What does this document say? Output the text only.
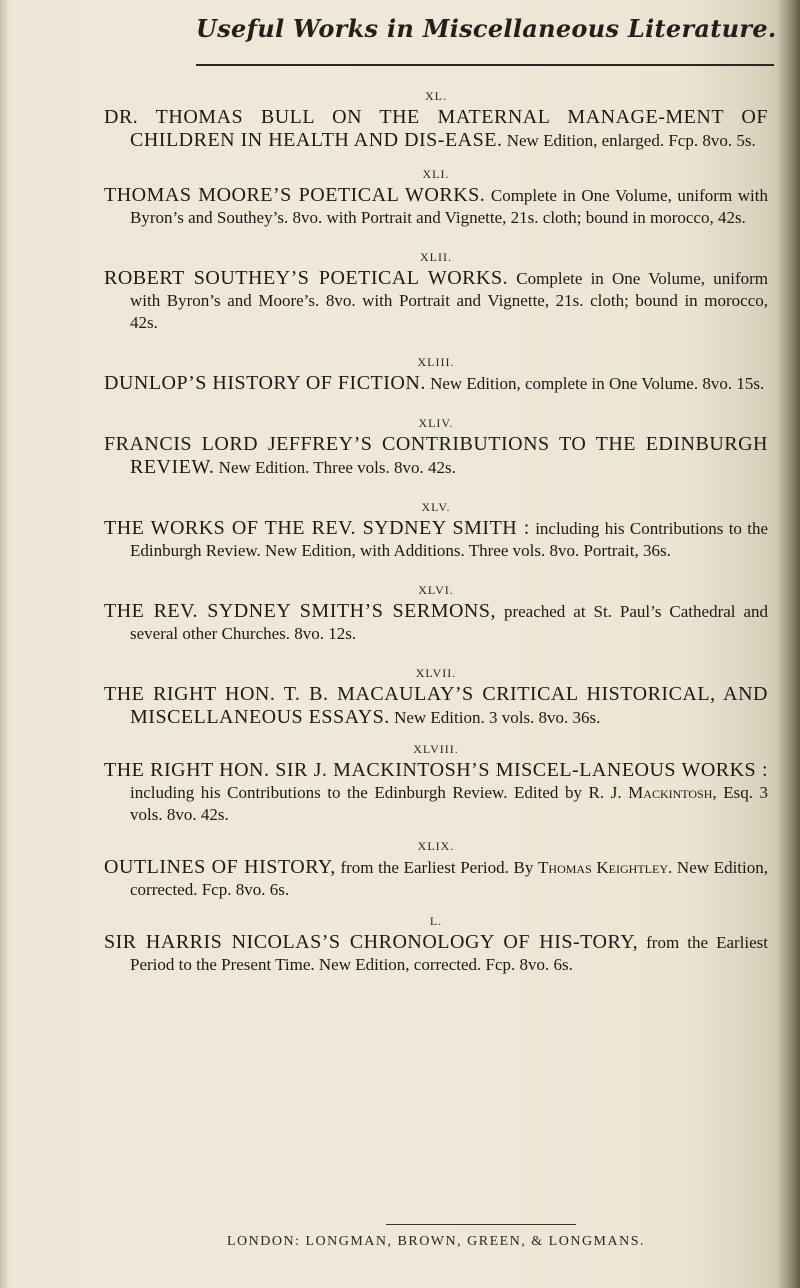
Useful Works in Miscellaneous Literature.
XL.

DR. THOMAS BULL ON THE MATERNAL MANAGE-MENT OF CHILDREN IN HEALTH AND DIS-EASE. New Edition, enlarged. Fcp. 8vo. 5s.

XLI.

THOMAS MOORE’S POETICAL WORKS. Complete in One Volume, uniform with Byron’s and Southey’s. 8vo. with Portrait and Vignette, 21s. cloth; bound in morocco, 42s.

XLII.

ROBERT SOUTHEY’S POETICAL WORKS. Complete in One Volume, uniform with Byron’s and Moore’s. 8vo. with Portrait and Vignette, 21s. cloth; bound in morocco, 42s.

XLIII.

DUNLOP’S HISTORY OF FICTION. New Edition, complete in One Volume. 8vo. 15s.

XLIV.

FRANCIS LORD JEFFREY’S CONTRIBUTIONS TO THE EDINBURGH REVIEW. New Edition. Three vols. 8vo. 42s.

XLV.

THE WORKS OF THE REV. SYDNEY SMITH : including his Contributions to the Edinburgh Review. New Edition, with Additions. Three vols. 8vo. Portrait, 36s.

XLVI.

THE REV. SYDNEY SMITH’S SERMONS, preached at St. Paul’s Cathedral and several other Churches. 8vo. 12s.

XLVII.

THE RIGHT HON. T. B. MACAULAY’S CRITICAL HISTORICAL, AND MISCELLANEOUS ESSAYS. New Edition. 3 vols. 8vo. 36s.

XLVIII.

THE RIGHT HON. SIR J. MACKINTOSH’S MISCEL-LANEOUS WORKS : including his Contributions to the Edinburgh Review. Edited by R. J. Mackintosh, Esq. 3 vols. 8vo. 42s.

XLIX.

OUTLINES OF HISTORY, from the Earliest Period. By Thomas Keightley. New Edition, corrected. Fcp. 8vo. 6s.

L.

SIR HARRIS NICOLAS’S CHRONOLOGY OF HIS-TORY, from the Earliest Period to the Present Time. New Edition, corrected. Fcp. 8vo. 6s.

LONDON: LONGMAN, BROWN, GREEN, & LONGMANS.
